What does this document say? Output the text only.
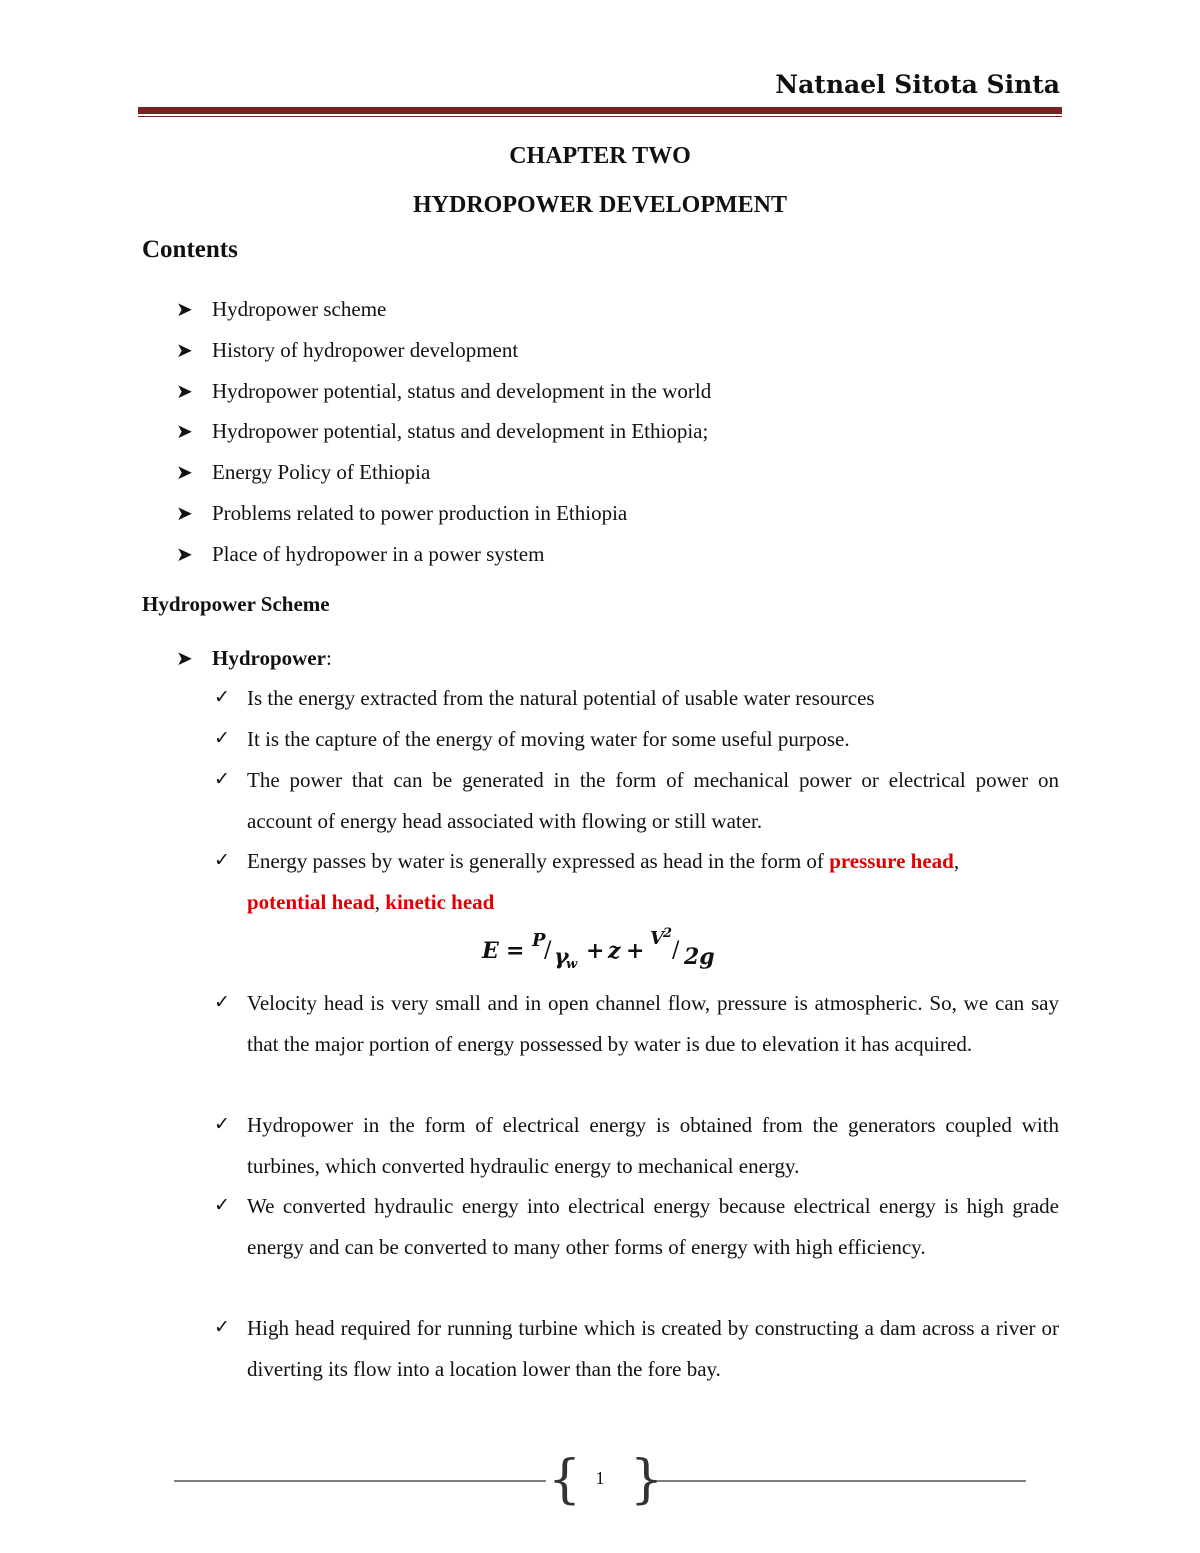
Natnael Sitota Sinta
CHAPTER TWO
HYDROPOWER DEVELOPMENT
Contents
➤ Hydropower scheme
➤ History of hydropower development
➤ Hydropower potential, status and development in the world
➤ Hydropower potential, status and development in Ethiopia;
➤ Energy Policy of Ethiopia
➤ Problems related to power production in Ethiopia
➤ Place of hydropower in a power system
Hydropower Scheme
➤ Hydropower:
✓ Is the energy extracted from the natural potential of usable water resources
✓ It is the capture of the energy of moving water for some useful purpose.
✓ The power that can be generated in the form of mechanical power or electrical power on account of energy head associated with flowing or still water.
✓ Energy passes by water is generally expressed as head in the form of pressure head,
potential head, kinetic head
E = P
/ γ
w
+ z + V 2
/ 2g
✓ Velocity head is very small and in open channel flow, pressure is atmospheric. So, we can say that the major portion of energy possessed by water is due to elevation it has acquired.
✓ Hydropower in the form of electrical energy is obtained from the generators coupled with turbines, which converted hydraulic energy to mechanical energy.
✓ We converted hydraulic energy into electrical energy because electrical energy is high grade energy and can be converted to many other forms of energy with high efficiency.
✓ High head required for running turbine which is created by constructing a dam across a river or diverting its flow into a location lower than the fore bay.
{ }
1
